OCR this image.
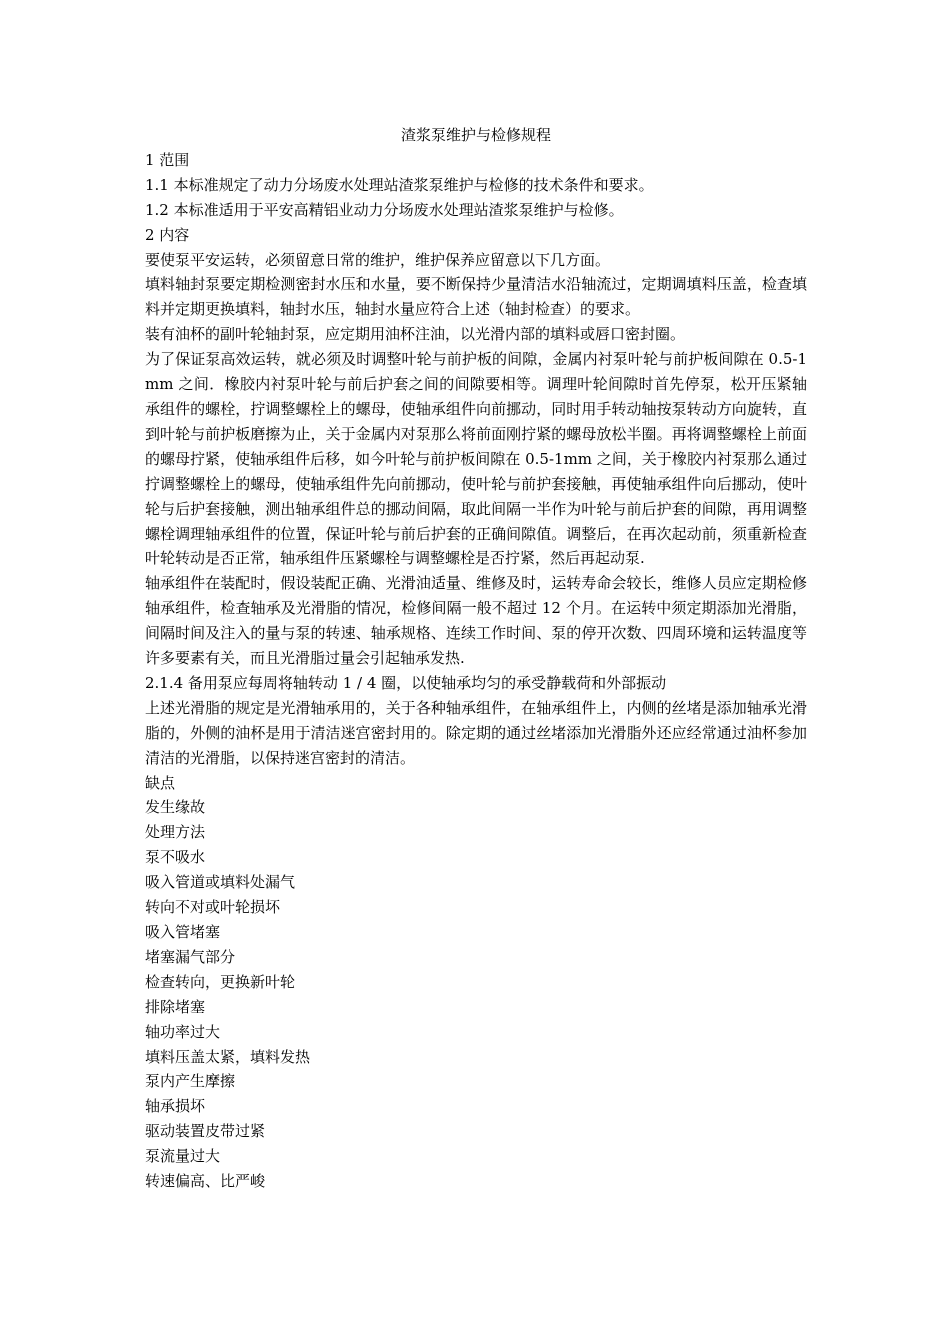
渣浆泵维护与检修规程

1 范围

1.1 本标准规定了动力分场废水处理站渣浆泵维护与检修的技术条件和要求。

1.2 本标准适用于平安高精铝业动力分场废水处理站渣浆泵维护与检修。

2 内容

要使泵平安运转，必须留意日常的维护，维护保养应留意以下几方面。

填料轴封泵要定期检测密封水压和水量，要不断保持少量清洁水沿轴流过，定期调填料压盖，检查填料并定期更换填料，轴封水压，轴封水量应符合上述（轴封检查）的要求。

装有油杯的副叶轮轴封泵，应定期用油杯注油，以光滑内部的填料或唇口密封圈。

为了保证泵高效运转，就必须及时调整叶轮与前护板的间隙，金属内衬泵叶轮与前护板间隙在 0.5-1mm 之间．橡胶内衬泵叶轮与前后护套之间的间隙要相等。调理叶轮间隙时首先停泵，松开压紧轴承组件的螺栓，拧调整螺栓上的螺母，使轴承组件向前挪动，同时用手转动轴按泵转动方向旋转，直到叶轮与前护板磨擦为止，关于金属内对泵那么将前面刚拧紧的螺母放松半圈。再将调整螺栓上前面的螺母拧紧，使轴承组件后移，如今叶轮与前护板间隙在 0.5-1mm 之间，关于橡胶内衬泵那么通过拧调整螺栓上的螺母，使轴承组件先向前挪动，使叶轮与前护套接触，再使轴承组件向后挪动，使叶轮与后护套接触，测出轴承组件总的挪动间隔，取此间隔一半作为叶轮与前后护套的间隙，再用调整螺栓调理轴承组件的位置，保证叶轮与前后护套的正确间隙值。调整后，在再次起动前，须重新检查叶轮转动是否正常，轴承组件压紧螺栓与调整螺栓是否拧紧，然后再起动泵.

轴承组件在装配时，假设装配正确、光滑油适量、维修及时，运转寿命会较长，维修人员应定期检修轴承组件，检查轴承及光滑脂的情况，检修间隔一般不超过 12 个月。在运转中须定期添加光滑脂，间隔时间及注入的量与泵的转速、轴承规格、连续工作时间、泵的停开次数、四周环境和运转温度等许多要素有关，而且光滑脂过量会引起轴承发热.

2.1.4 备用泵应每周将轴转动 1 / 4 圈，以使轴承均匀的承受静载荷和外部振动

上述光滑脂的规定是光滑轴承用的，关于各种轴承组件，在轴承组件上，内侧的丝堵是添加轴承光滑脂的，外侧的油杯是用于清洁迷宫密封用的。除定期的通过丝堵添加光滑脂外还应经常通过油杯参加清洁的光滑脂，以保持迷宫密封的清洁。

缺点

发生缘故

处理方法

泵不吸水

吸入管道或填料处漏气

转向不对或叶轮损坏

吸入管堵塞

堵塞漏气部分

检查转向，更换新叶轮

排除堵塞

轴功率过大

填料压盖太紧，填料发热

泵内产生摩擦

轴承损坏

驱动装置皮带过紧

泵流量过大

转速偏高、比严峻
